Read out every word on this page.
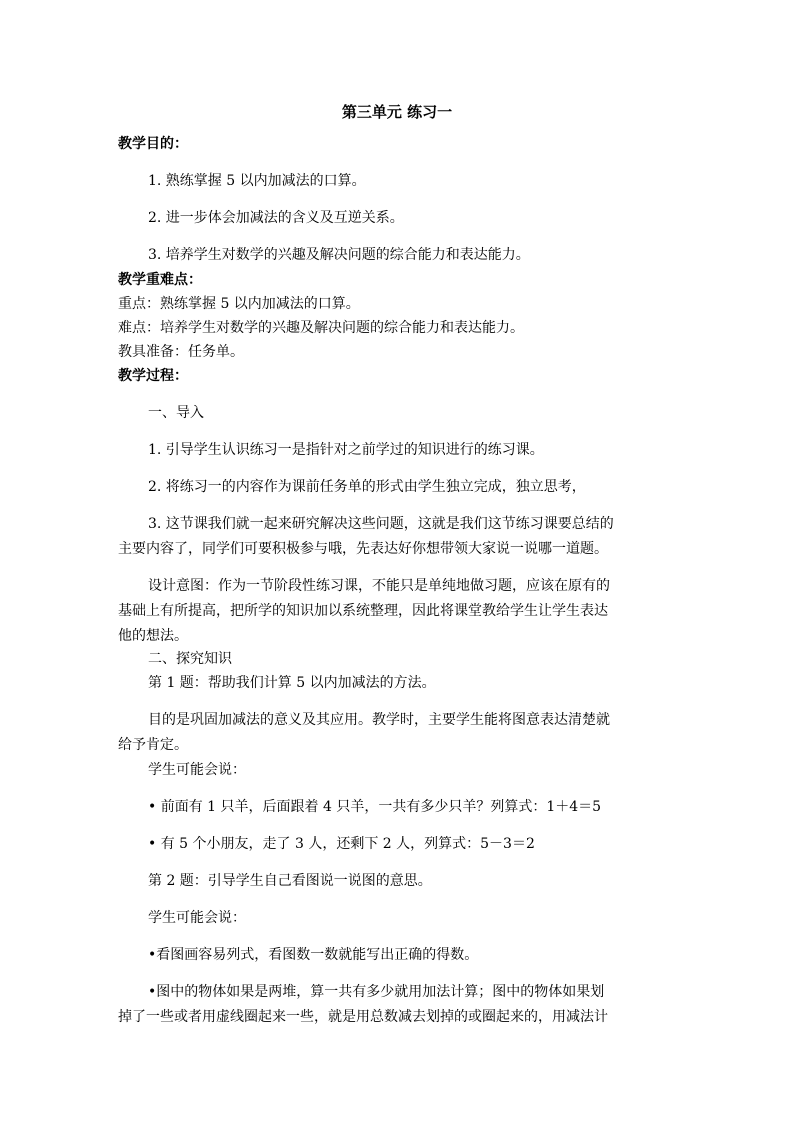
第三单元 练习一
教学目的：
1. 熟练掌握 5 以内加减法的口算。
2. 进一步体会加减法的含义及互逆关系。
3. 培养学生对数学的兴趣及解决问题的综合能力和表达能力。
教学重难点：
重点：熟练掌握 5 以内加减法的口算。
难点：培养学生对数学的兴趣及解决问题的综合能力和表达能力。
教具准备：任务单。
教学过程：
一、导入
1. 引导学生认识练习一是指针对之前学过的知识进行的练习课。
2. 将练习一的内容作为课前任务单的形式由学生独立完成，独立思考，
3. 这节课我们就一起来研究解决这些问题，这就是我们这节练习课要总结的
主要内容了，同学们可要积极参与哦，先表达好你想带领大家说一说哪一道题。
设计意图：作为一节阶段性练习课，不能只是单纯地做习题，应该在原有的
基础上有所提高，把所学的知识加以系统整理，因此将课堂教给学生让学生表达
他的想法。
二、探究知识
第 1 题：帮助我们计算 5 以内加减法的方法。
目的是巩固加减法的意义及其应用。教学时，主要学生能将图意表达清楚就
给予肯定。
学生可能会说：
• 前面有 1 只羊，后面跟着 4 只羊，一共有多少只羊？列算式：1＋4＝5
• 有 5 个小朋友，走了 3 人，还剩下 2 人，列算式：5－3＝2
第 2 题：引导学生自己看图说一说图的意思。
学生可能会说：
•看图画容易列式，看图数一数就能写出正确的得数。
•图中的物体如果是两堆，算一共有多少就用加法计算；图中的物体如果划
掉了一些或者用虚线圈起来一些，就是用总数减去划掉的或圈起来的，用减法计
